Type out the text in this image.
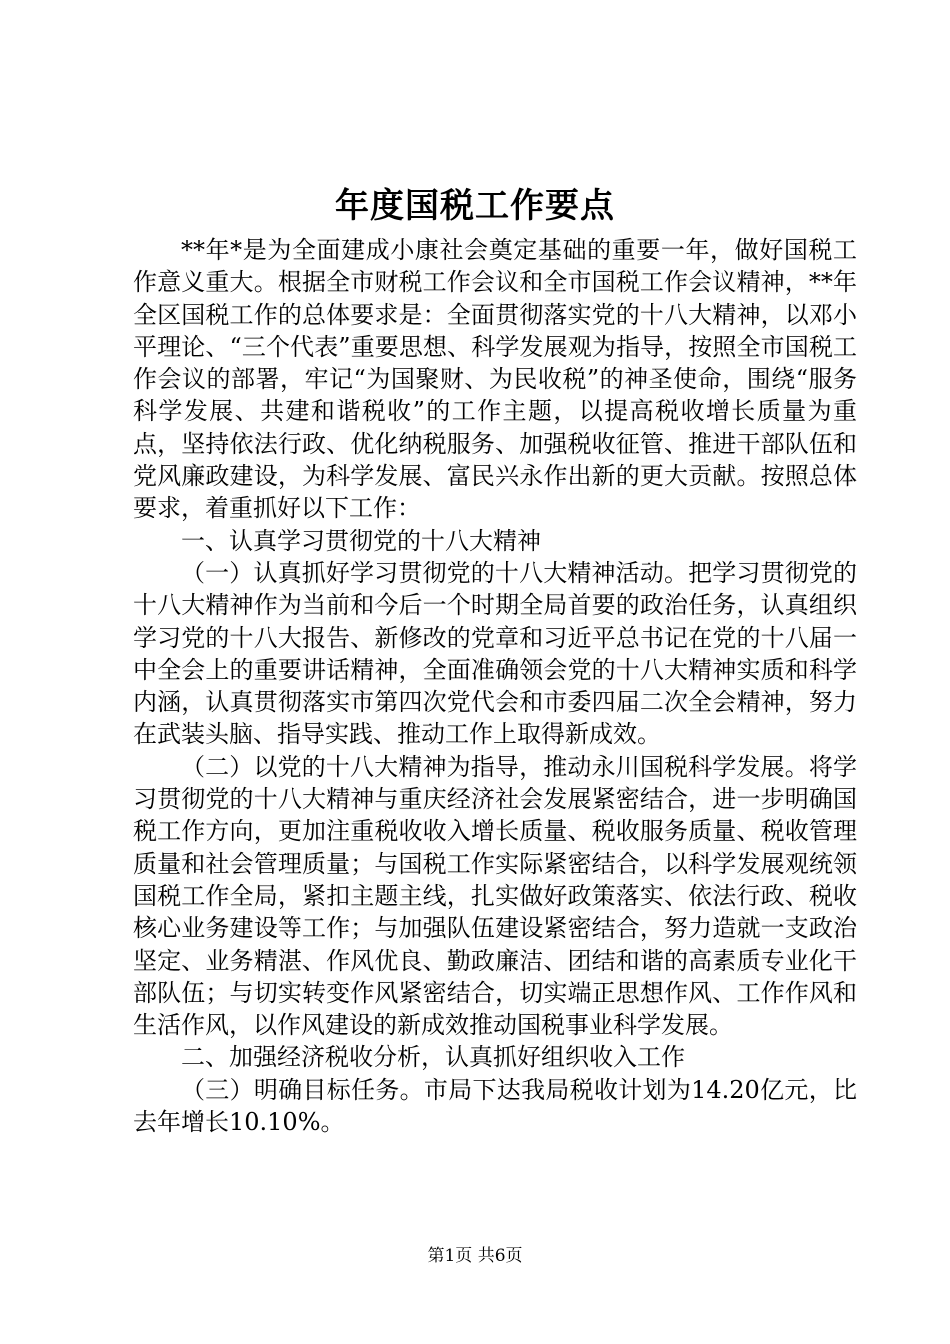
年度国税工作要点

**年*是为全面建成小康社会奠定基础的重要一年，做好国税工作意义重大。根据全市财税工作会议和全市国税工作会议精神，**年全区国税工作的总体要求是：全面贯彻落实党的十八大精神，以邓小平理论、“三个代表”重要思想、科学发展观为指导，按照全市国税工作会议的部署，牢记“为国聚财、为民收税”的神圣使命，围绕“服务科学发展、共建和谐税收”的工作主题，以提高税收增长质量为重点，坚持依法行政、优化纳税服务、加强税收征管、推进干部队伍和党风廉政建设，为科学发展、富民兴永作出新的更大贡献。按照总体要求，着重抓好以下工作：

一、认真学习贯彻党的十八大精神

（一）认真抓好学习贯彻党的十八大精神活动。把学习贯彻党的十八大精神作为当前和今后一个时期全局首要的政治任务，认真组织学习党的十八大报告、新修改的党章和习近平总书记在党的十八届一中全会上的重要讲话精神，全面准确领会党的十八大精神实质和科学内涵，认真贯彻落实市第四次党代会和市委四届二次全会精神，努力在武装头脑、指导实践、推动工作上取得新成效。

（二）以党的十八大精神为指导，推动永川国税科学发展。将学习贯彻党的十八大精神与重庆经济社会发展紧密结合，进一步明确国税工作方向，更加注重税收收入增长质量、税收服务质量、税收管理质量和社会管理质量；与国税工作实际紧密结合，以科学发展观统领国税工作全局，紧扣主题主线，扎实做好政策落实、依法行政、税收核心业务建设等工作；与加强队伍建设紧密结合，努力造就一支政治坚定、业务精湛、作风优良、勤政廉洁、团结和谐的高素质专业化干部队伍；与切实转变作风紧密结合，切实端正思想作风、工作作风和生活作风，以作风建设的新成效推动国税事业科学发展。

二、加强经济税收分析，认真抓好组织收入工作

（三）明确目标任务。市局下达我局税收计划为14.20亿元，比去年增长10.10%。

第1页 共6页
